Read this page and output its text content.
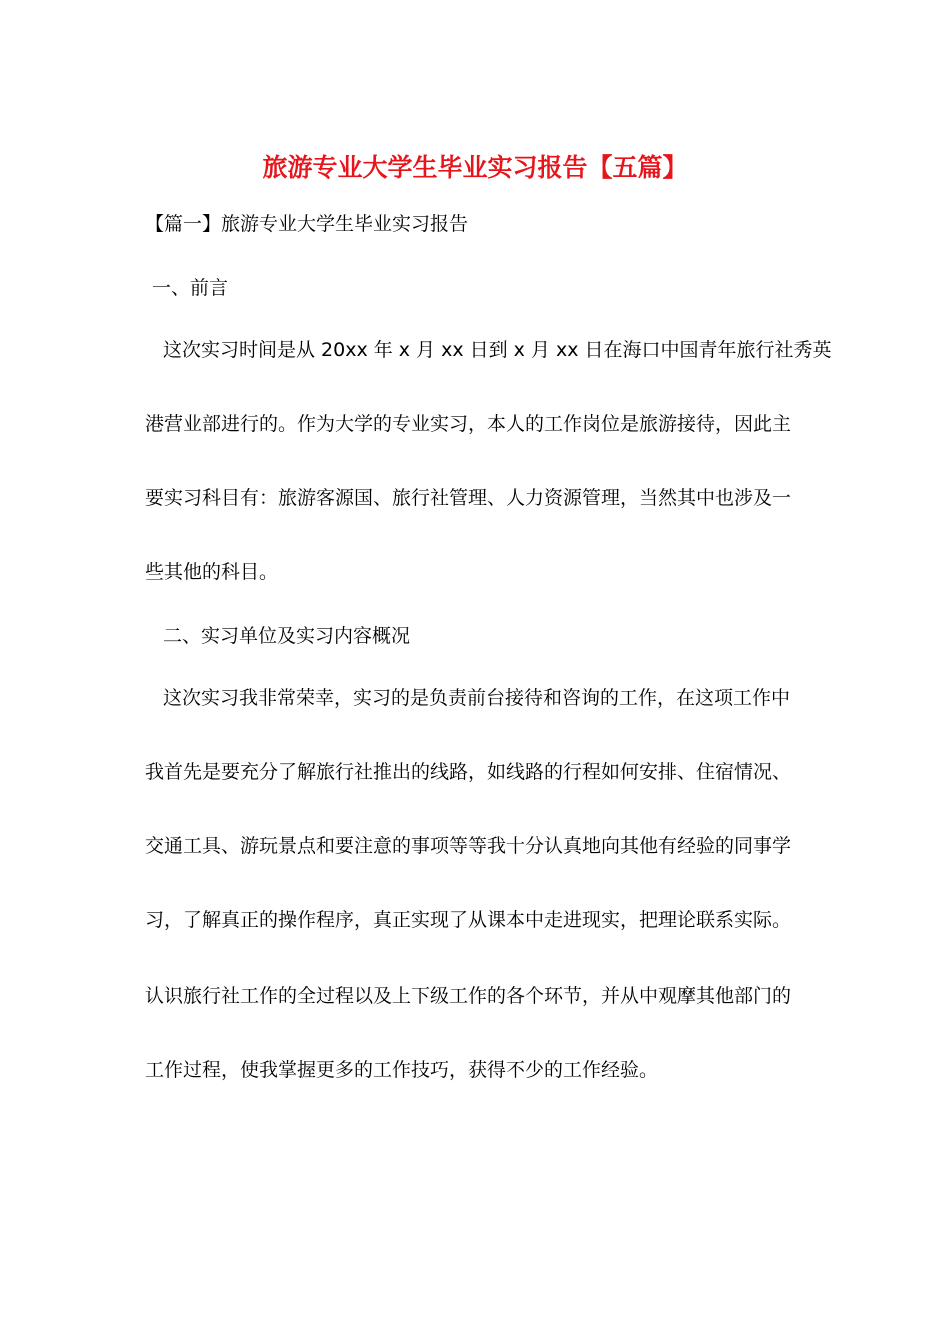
旅游专业大学生毕业实习报告【五篇】
【篇一】旅游专业大学生毕业实习报告
一、前言
这次实习时间是从 20xx 年 x 月 xx 日到 x 月 xx 日在海口中国青年旅行社秀英
港营业部进行的。作为大学的专业实习，本人的工作岗位是旅游接待，因此主
要实习科目有：旅游客源国、旅行社管理、人力资源管理，当然其中也涉及一
些其他的科目。
二、实习单位及实习内容概况
这次实习我非常荣幸，实习的是负责前台接待和咨询的工作，在这项工作中
我首先是要充分了解旅行社推出的线路，如线路的行程如何安排、住宿情况、
交通工具、游玩景点和要注意的事项等等我十分认真地向其他有经验的同事学
习，了解真正的操作程序，真正实现了从课本中走进现实，把理论联系实际。
认识旅行社工作的全过程以及上下级工作的各个环节，并从中观摩其他部门的
工作过程，使我掌握更多的工作技巧，获得不少的工作经验。
